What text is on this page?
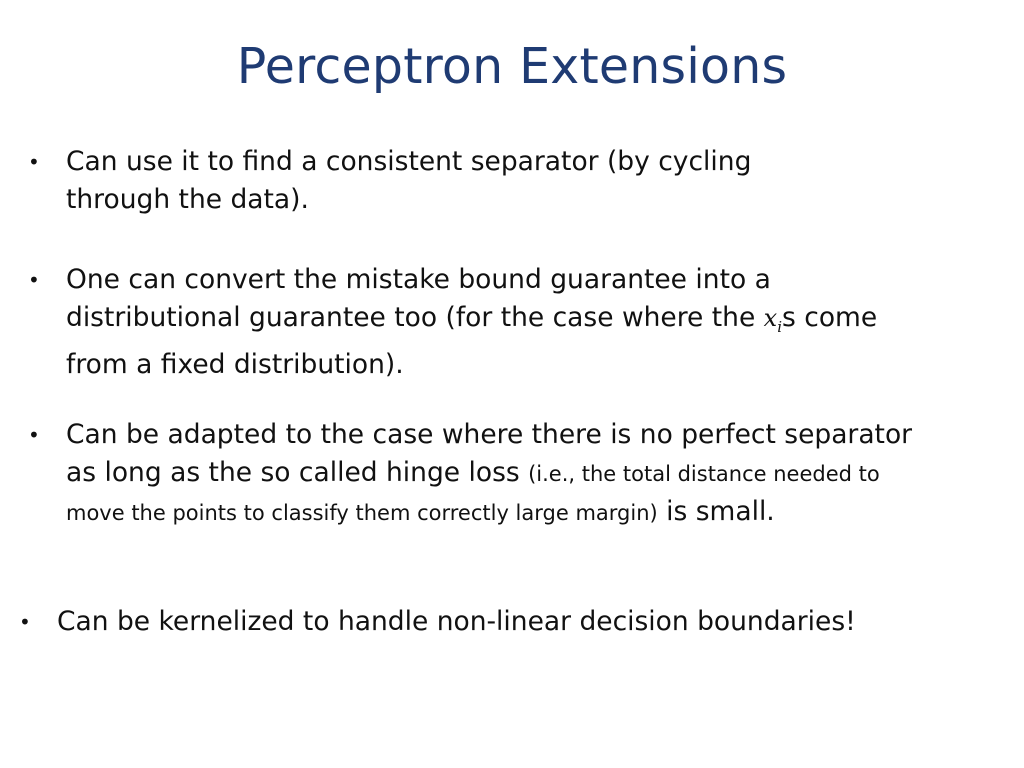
Perceptron Extensions
• Can use it to find a consistent separator (by cycling through the data).
• One can convert the mistake bound guarantee into a distributional guarantee too (for the case where the $x_is$ come from a fixed distribution).
• Can be adapted to the case where there is no perfect separator as long as the so called hinge loss (i.e., the total distance needed to move the points to classify them correctly large margin) is small.
• Can be kernelized to handle non-linear decision boundaries!
